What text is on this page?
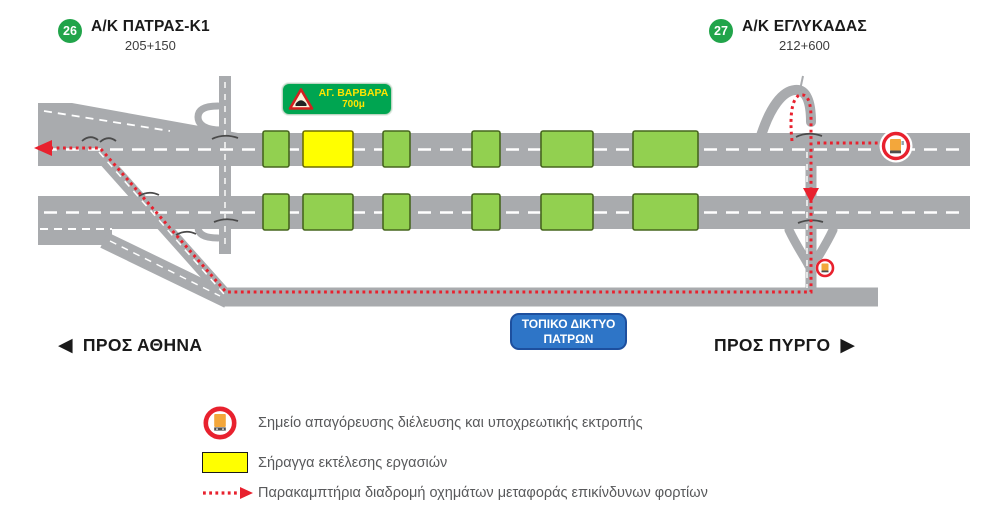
26 Α/Κ ΠΑΤΡΑΣ-Κ1
205+150
27 Α/Κ ΕΓΛΥΚΑΔΑΣ
212+600
ΑΓ. ΒΑΡΒΑΡΑ
700μ
ΤΟΠΙΚΟ ΔΙΚΤΥΟ
ΠΑΤΡΩΝ
◀ ΠΡΟΣ ΑΘΗΝΑ	ΠΡΟΣ ΠΥΡΓΟ ▶
Σημείο απαγόρευσης διέλευσης και υποχρεωτικής εκτροπής
Σήραγγα εκτέλεσης εργασιών
Παρακαμπτήρια διαδρομή οχημάτων μεταφοράς επικίνδυνων φορτίων
